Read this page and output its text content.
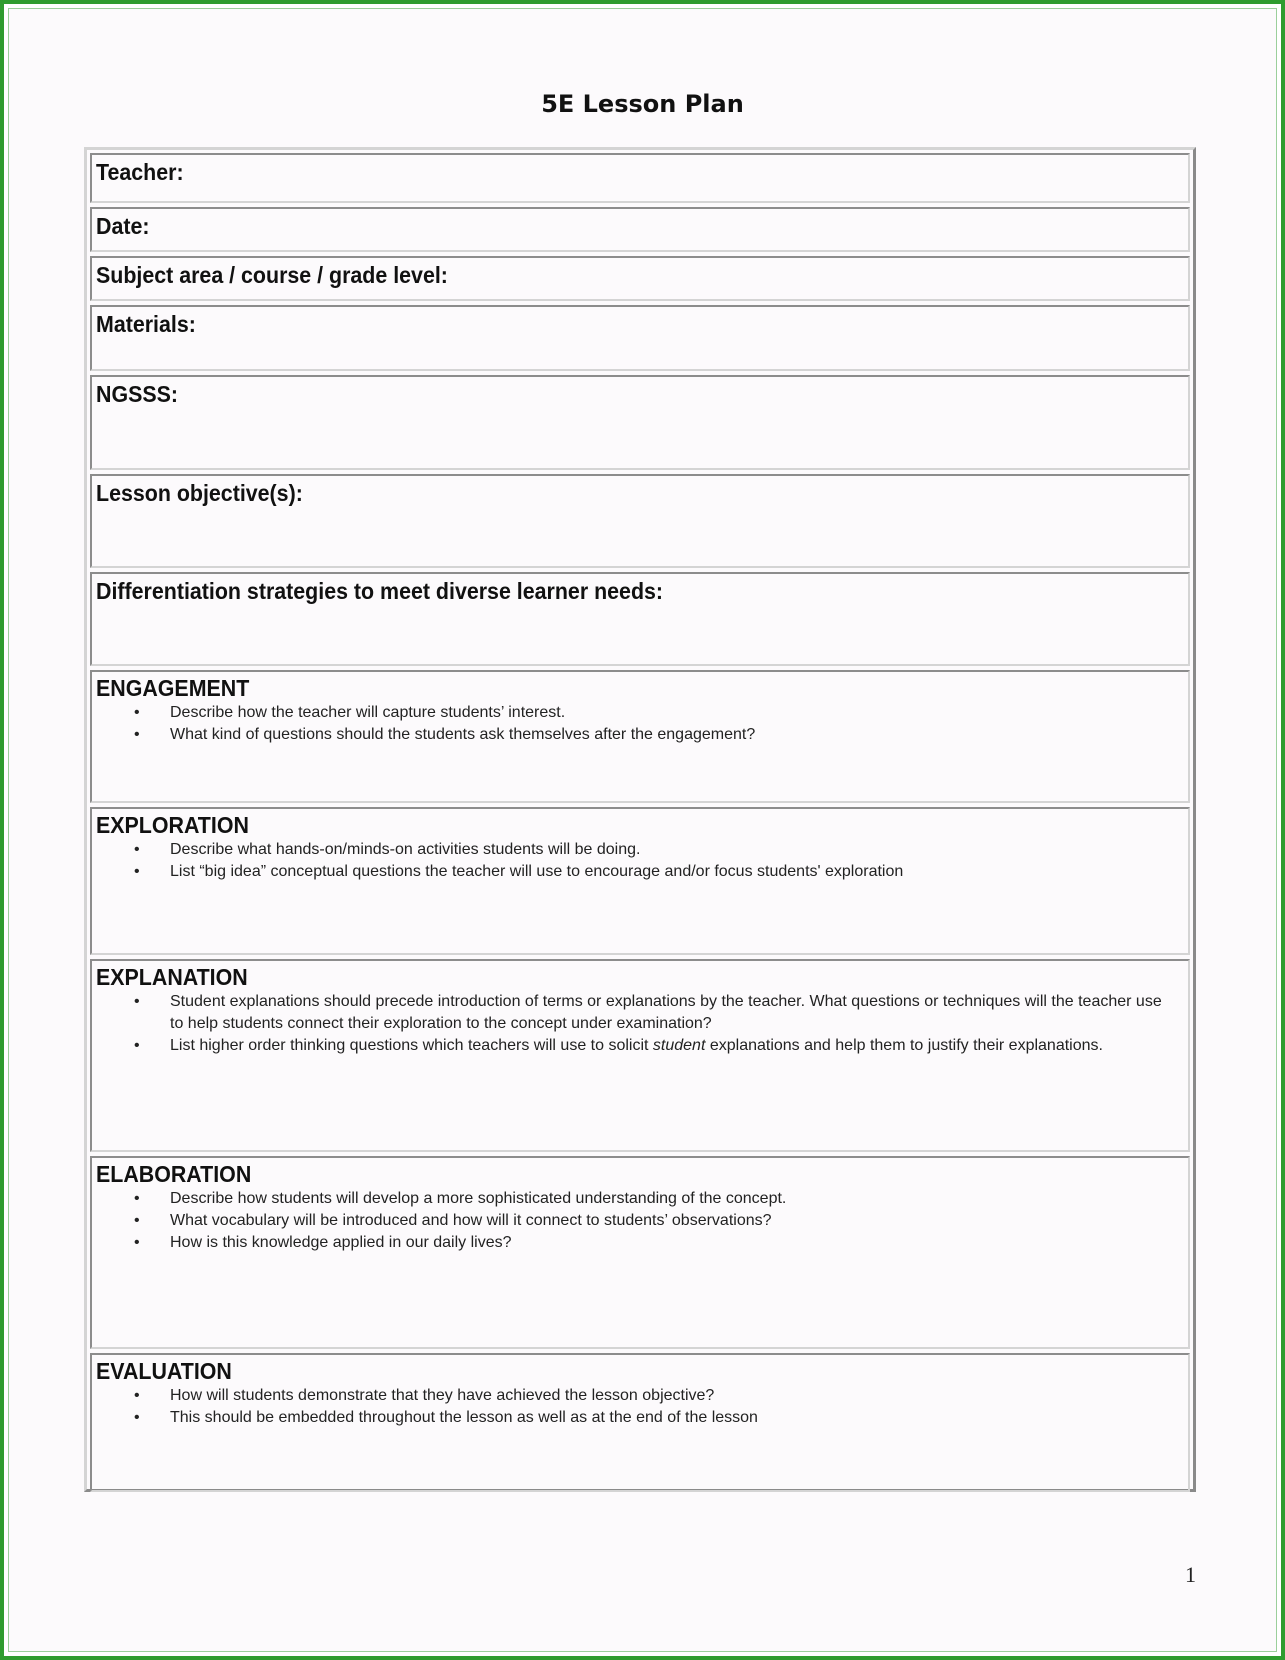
5E Lesson Plan
Teacher:
Date:
Subject area / course / grade level:
Materials:
NGSSS:
Lesson objective(s):
Differentiation strategies to meet diverse learner needs:
ENGAGEMENT
• Describe how the teacher will capture students’ interest.
• What kind of questions should the students ask themselves after the engagement?
EXPLORATION
• Describe what hands-on/minds-on activities students will be doing.
• List “big idea” conceptual questions the teacher will use to encourage and/or focus students' exploration
EXPLANATION
• Student explanations should precede introduction of terms or explanations by the teacher. What questions or techniques will the teacher use to help students connect their exploration to the concept under examination?
• List higher order thinking questions which teachers will use to solicit student explanations and help them to justify their explanations.
ELABORATION
• Describe how students will develop a more sophisticated understanding of the concept.
• What vocabulary will be introduced and how will it connect to students’ observations?
• How is this knowledge applied in our daily lives?
EVALUATION
• How will students demonstrate that they have achieved the lesson objective?
• This should be embedded throughout the lesson as well as at the end of the lesson
1
